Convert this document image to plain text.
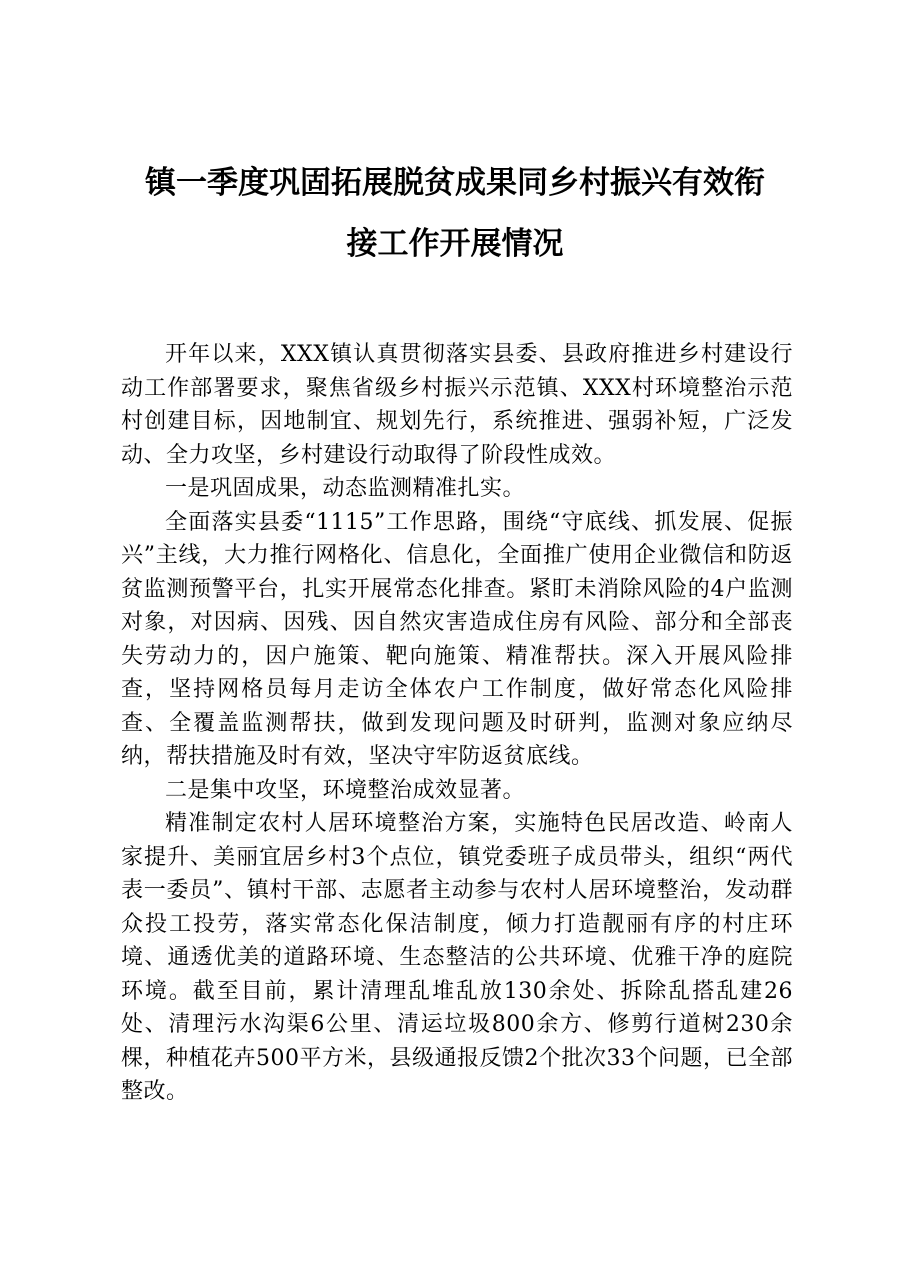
镇一季度巩固拓展脱贫成果同乡村振兴有效衔
接工作开展情况

开年以来，XXX镇认真贯彻落实县委、县政府推进乡村建设行动工作部署要求，聚焦省级乡村振兴示范镇、XXX村环境整治示范村创建目标，因地制宜、规划先行，系统推进、强弱补短，广泛发动、全力攻坚，乡村建设行动取得了阶段性成效。

一是巩固成果，动态监测精准扎实。

全面落实县委“1115”工作思路，围绕“守底线、抓发展、促振兴”主线，大力推行网格化、信息化，全面推广使用企业微信和防返贫监测预警平台，扎实开展常态化排查。紧盯未消除风险的4户监测对象，对因病、因残、因自然灾害造成住房有风险、部分和全部丧失劳动力的，因户施策、靶向施策、精准帮扶。深入开展风险排查，坚持网格员每月走访全体农户工作制度，做好常态化风险排查、全覆盖监测帮扶，做到发现问题及时研判，监测对象应纳尽纳，帮扶措施及时有效，坚决守牢防返贫底线。

二是集中攻坚，环境整治成效显著。

精准制定农村人居环境整治方案，实施特色民居改造、岭南人家提升、美丽宜居乡村3个点位，镇党委班子成员带头，组织“两代表一委员”、镇村干部、志愿者主动参与农村人居环境整治，发动群众投工投劳，落实常态化保洁制度，倾力打造靓丽有序的村庄环境、通透优美的道路环境、生态整洁的公共环境、优雅干净的庭院环境。截至目前，累计清理乱堆乱放130余处、拆除乱搭乱建26处、清理污水沟渠6公里、清运垃圾800余方、修剪行道树230余棵，种植花卉500平方米，县级通报反馈2个批次33个问题，已全部整改。
